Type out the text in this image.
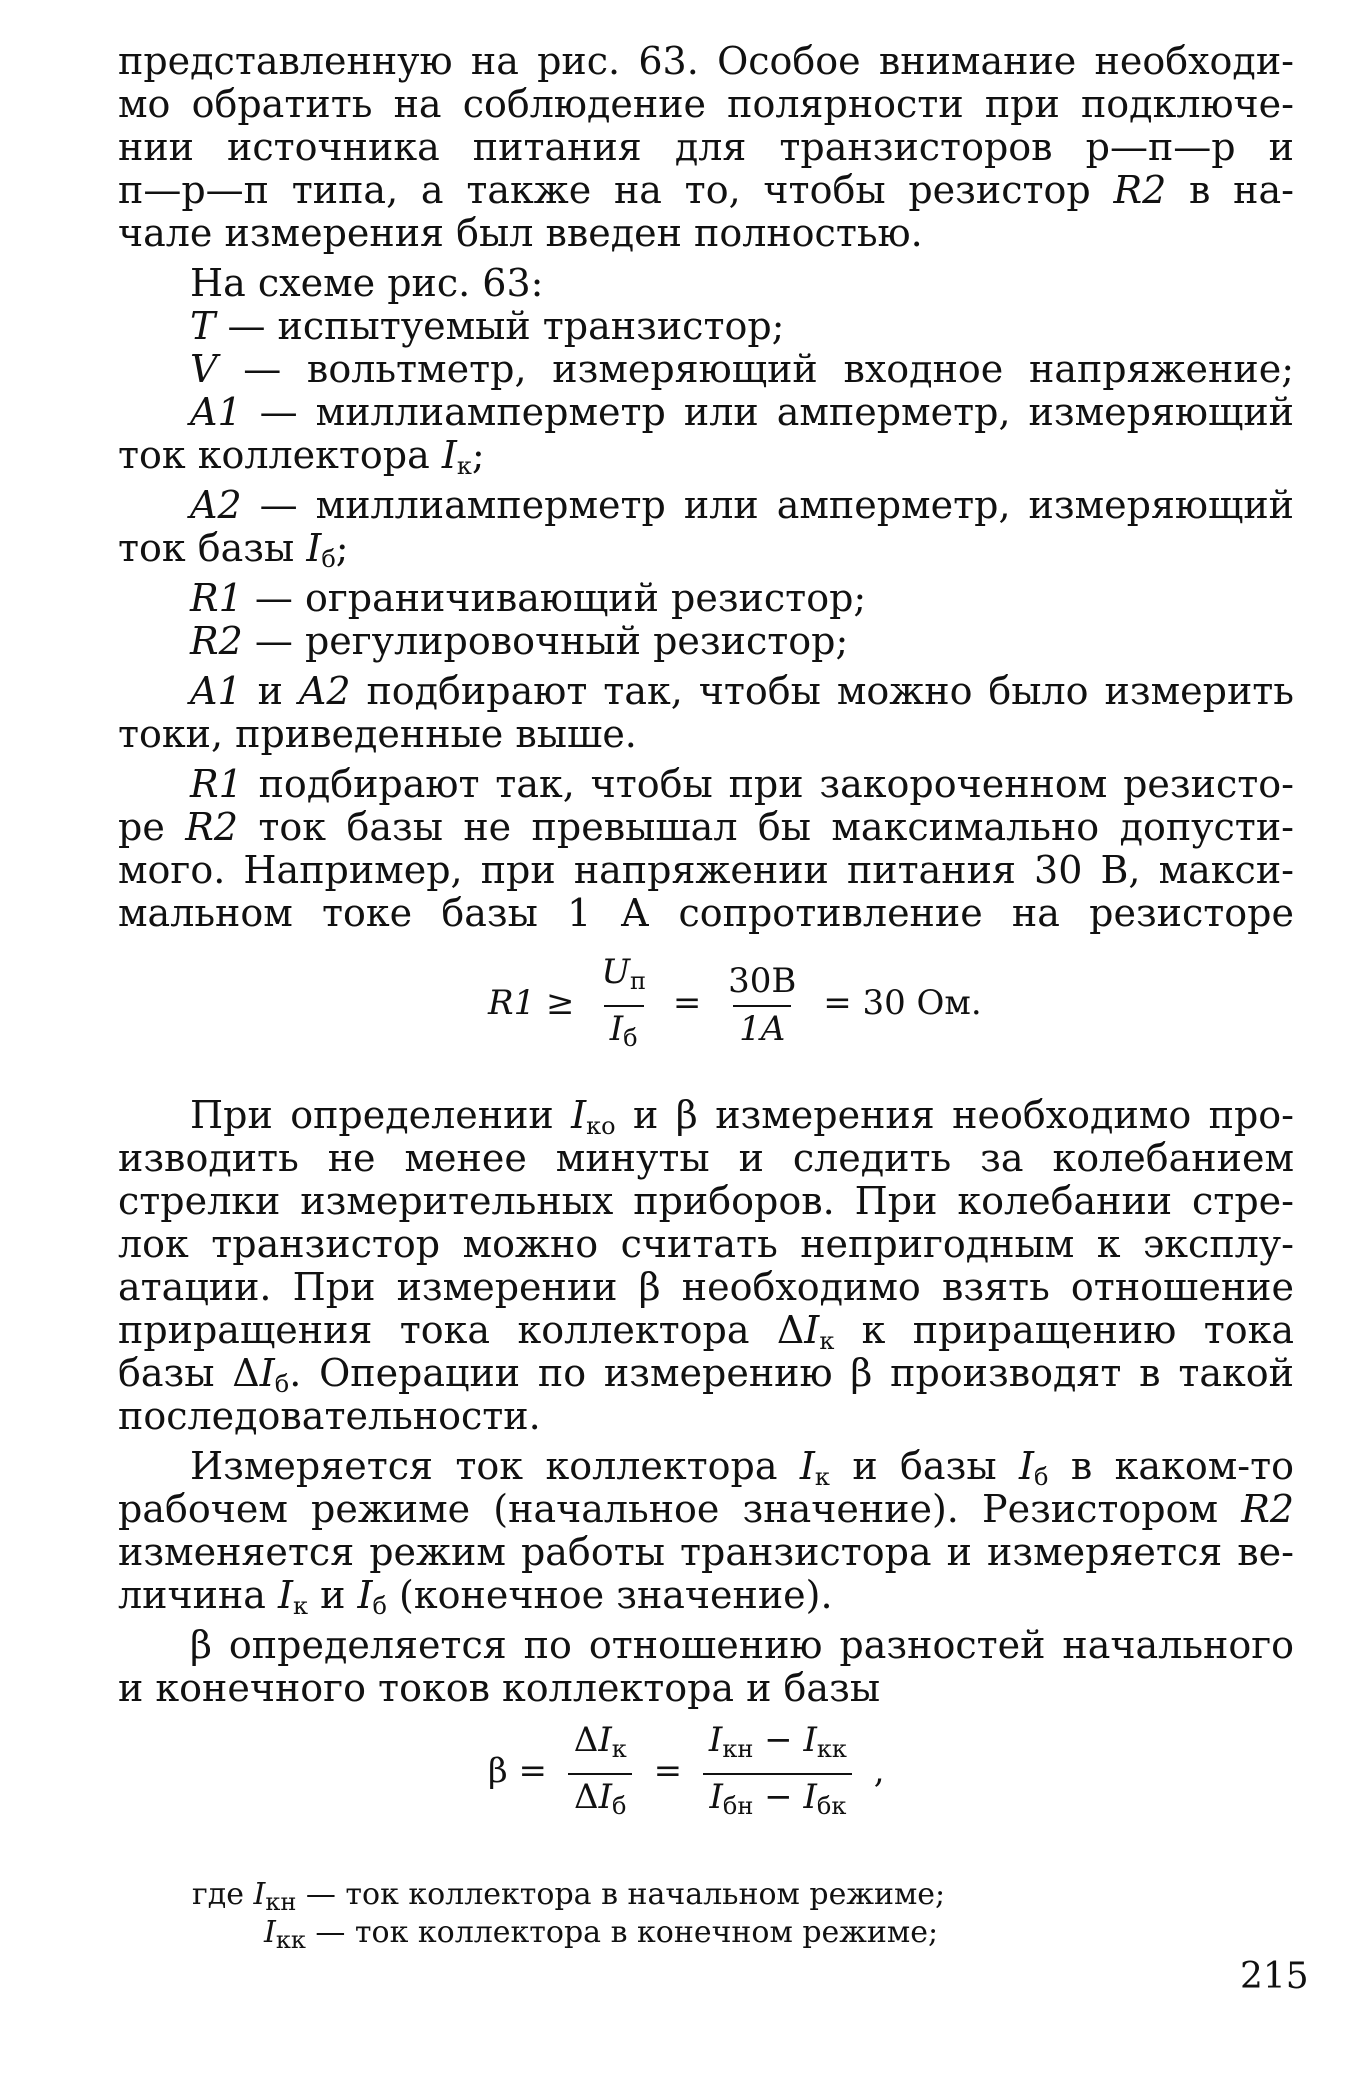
представленную на рис. 63. Особое внимание необходи-
мо обратить на соблюдение полярности при подключе-
нии источника питания для транзисторов р—п—р и
п—р—п типа, а также на то, чтобы резистор R2 в на-
чале измерения был введен полностью.
На схеме рис. 63:
T — испытуемый транзистор;
V — вольтметр, измеряющий входное напряжение;
A1 — миллиамперметр или амперметр, измеряющий
ток коллектора $I_к$;
A2 — миллиамперметр или амперметр, измеряющий
ток базы $I_б$;
R1 — ограничивающий резистор;
R2 — регулировочный резистор;
A1 и A2 подбирают так, чтобы можно было измерить
токи, приведенные выше.
R1 подбирают так, чтобы при закороченном резисто-
ре R2 ток базы не превышал бы максимально допусти-
мого. Например, при напряжении питания 30 В, макси-
мальном токе базы 1 А сопротивление на резисторе
$R1 \ge \frac{U_п}{I_б} = \frac{30В}{1A} = 30$ Ом.
При определении $I_{ко}$ и β измерения необходимо про-
изводить не менее минуты и следить за колебанием
стрелки измерительных приборов. При колебании стре-
лок транзистор можно считать непригодным к эксплу-
атации. При измерении β необходимо взять отношение
приращения тока коллектора $\Delta I_к$ к приращению тока
базы $\Delta I_б$. Операции по измерению β производят в такой
последовательности.
Измеряется ток коллектора $I_к$ и базы $I_б$ в каком-то
рабочем режиме (начальное значение). Резистором R2
изменяется режим работы транзистора и измеряется ве-
личина $I_к$ и $I_б$ (конечное значение).
β определяется по отношению разностей начального
и конечного токов коллектора и базы
$\beta = \frac{\Delta I_к}{\Delta I_б} = \frac{I_{кн} - I_{кк}}{I_{бн} - I_{бк}}$ ,
где $I_{кн}$ — ток коллектора в начальном режиме;
$I_{кк}$ — ток коллектора в конечном режиме;
215
